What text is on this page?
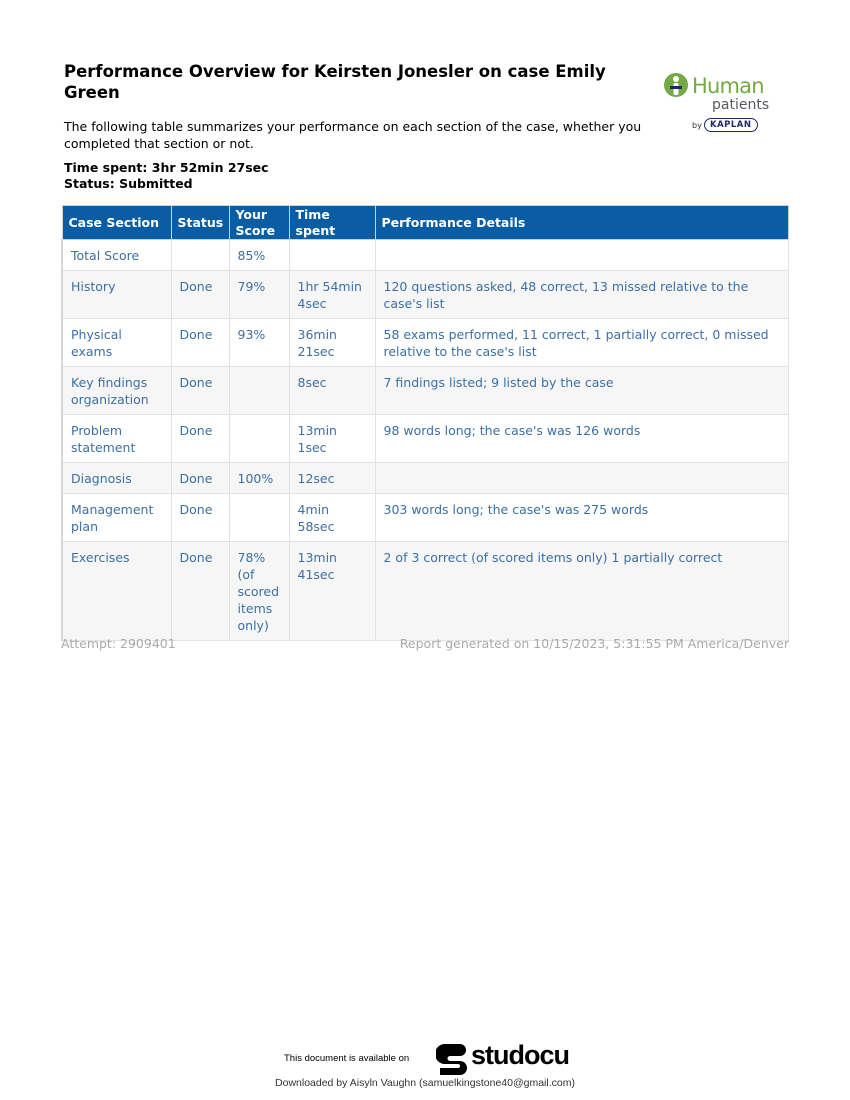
Performance Overview for Keirsten Jonesler on case Emily Green	Human
patients
by KAPLAN

The following table summarizes your performance on each section of the case, whether you completed that section or not.

Time spent: 3hr 52min 27sec
Status: Submitted
Case Section	Status	Your Score	Time spent	Performance Details
Total Score		85%		
History	Done	79%	1hr 54min 4sec	120 questions asked, 48 correct, 13 missed relative to the case's list
Physical exams	Done	93%	36min 21sec	58 exams performed, 11 correct, 1 partially correct, 0 missed relative to the case's list
Key findings organization	Done		8sec	7 findings listed; 9 listed by the case
Problem statement	Done		13min 1sec	98 words long; the case's was 126 words
Diagnosis	Done	100%	12sec	
Management plan	Done		4min 58sec	303 words long; the case's was 275 words
Exercises	Done	78% (of scored items only)	13min 41sec	2 of 3 correct (of scored items only) 1 partially correct
Attempt: 2909401	Report generated on 10/15/2023, 5:31:55 PM America/Denver
This document is available on studocu
Downloaded by Aisyln Vaughn (samuelkingstone40@gmail.com)
